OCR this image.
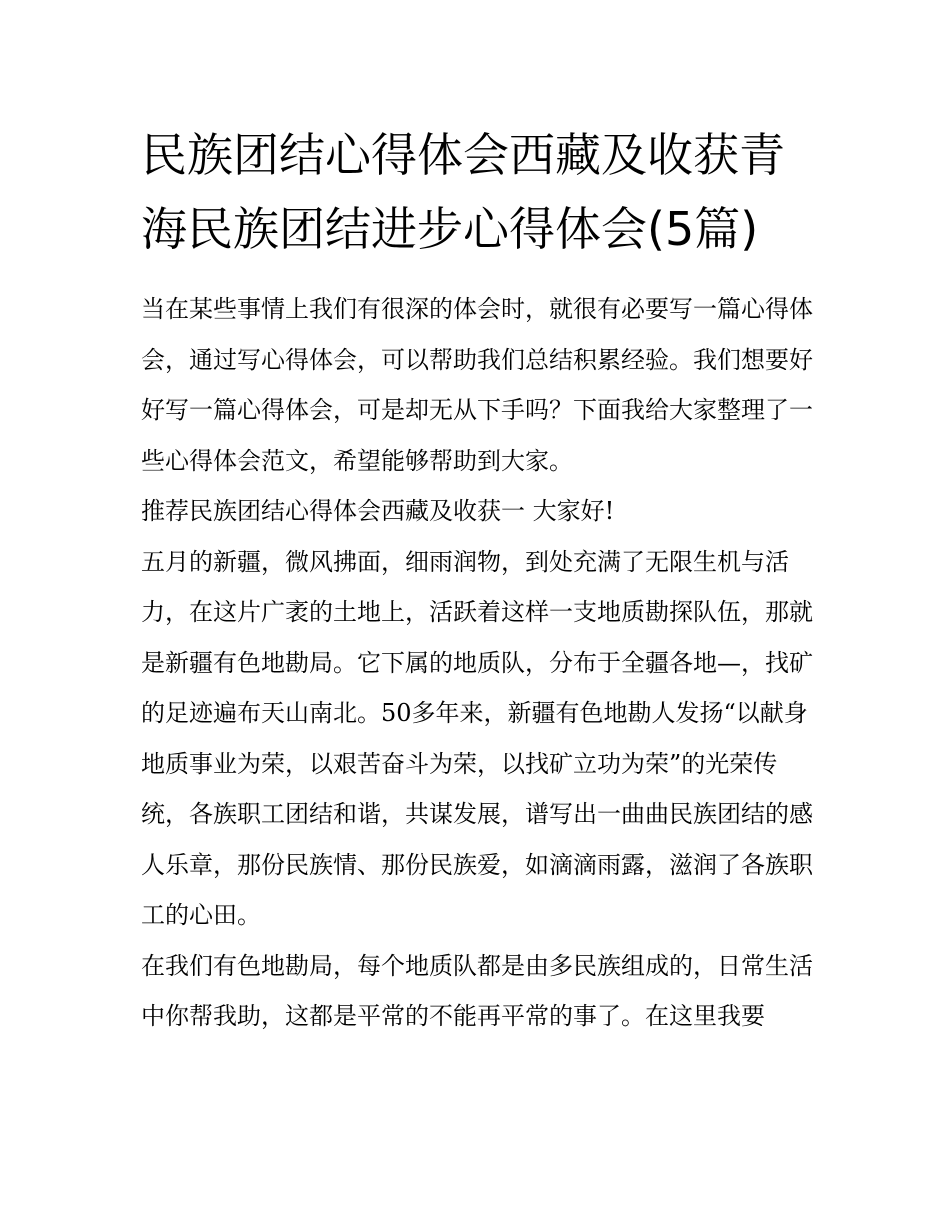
民族团结心得体会西藏及收获青海民族团结进步心得体会(5篇)

当在某些事情上我们有很深的体会时，就很有必要写一篇心得体会，通过写心得体会，可以帮助我们总结积累经验。我们想要好好写一篇心得体会，可是却无从下手吗？下面我给大家整理了一些心得体会范文，希望能够帮助到大家。

推荐民族团结心得体会西藏及收获一 大家好!

五月的新疆，微风拂面，细雨润物，到处充满了无限生机与活力，在这片广袤的土地上，活跃着这样一支地质勘探队伍，那就是新疆有色地勘局。它下属的地质队，分布于全疆各地—，找矿的足迹遍布天山南北。50多年来，新疆有色地勘人发扬“以献身地质事业为荣，以艰苦奋斗为荣，以找矿立功为荣”的光荣传统，各族职工团结和谐，共谋发展，谱写出一曲曲民族团结的感人乐章，那份民族情、那份民族爱，如滴滴雨露，滋润了各族职工的心田。

在我们有色地勘局，每个地质队都是由多民族组成的，日常生活中你帮我助，这都是平常的不能再平常的事了。在这里我要
